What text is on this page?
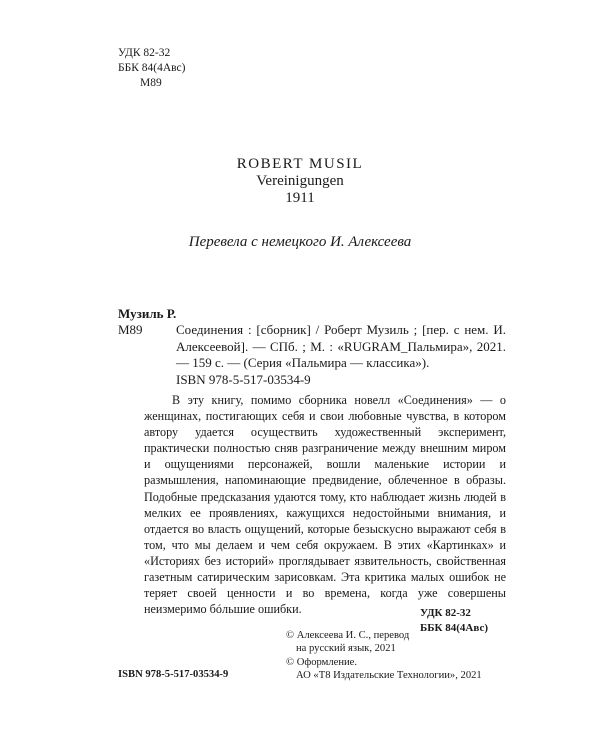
УДК 82-32
ББК 84(4Авс)
М89
ROBERT MUSIL
Vereinigungen
1911
Перевела с немецкого И. Алексеева
Музиль Р.
М89	Соединения : [сборник] / Роберт Музиль ; [пер. с нем. И. Алексеевой]. — СПб. ; М. : «RUGRAM_Пальмира», 2021. — 159 с. — (Серия «Пальмира — классика»).
ISBN 978-5-517-03534-9

В эту книгу, помимо сборника новелл «Соединения» — о женщинах, постигающих себя и свои любовные чувства, в котором автору удается осуществить художественный эксперимент, практически полностью сняв разграничение между внешним миром и ощущениями персонажей, вошли маленькие истории и размышления, напоминающие предвидение, облеченное в образы. Подобные предсказания удаются тому, кто наблюдает жизнь людей в мелких ее проявлениях, кажущихся недостойными внимания, и отдается во власть ощущений, которые безыскусно выражают себя в том, что мы делаем и чем себя окружаем. В этих «Картинках» и «Историях без историй» проглядывает язвительность, свойственная газетным сатирическим зарисовкам. Эта критика малых ошибок не теряет своей ценности и во времена, когда уже совершены неизмеримо бóльшие ошибки.	УДК 82-32
ББК 84(4Авс)
© Алексеева И. С., перевод
на русский язык, 2021
© Оформление.
АО «Т8 Издательские Технологии», 2021
ISBN 978-5-517-03534-9
